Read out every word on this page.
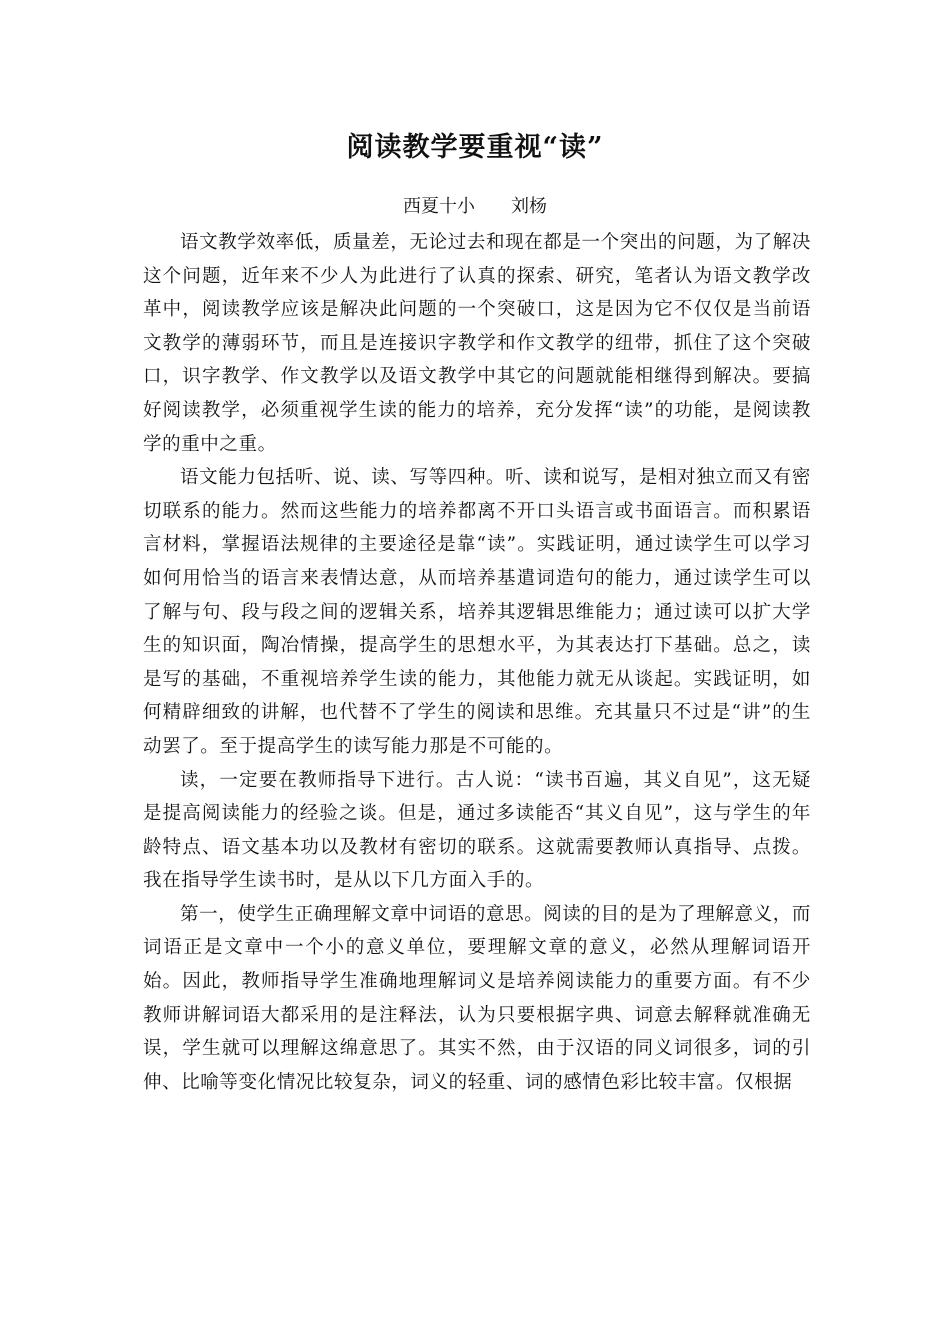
阅读教学要重视“读”
西夏十小 刘杨

语文教学效率低，质量差，无论过去和现在都是一个突出的问题，为了解决这个问题，近年来不少人为此进行了认真的探索、研究，笔者认为语文教学改革中，阅读教学应该是解决此问题的一个突破口，这是因为它不仅仅是当前语文教学的薄弱环节，而且是连接识字教学和作文教学的纽带，抓住了这个突破口，识字教学、作文教学以及语文教学中其它的问题就能相继得到解决。要搞好阅读教学，必须重视学生读的能力的培养，充分发挥“读”的功能，是阅读教学的重中之重。

语文能力包括听、说、读、写等四种。听、读和说写，是相对独立而又有密切联系的能力。然而这些能力的培养都离不开口头语言或书面语言。而积累语言材料，掌握语法规律的主要途径是靠“读”。实践证明，通过读学生可以学习如何用恰当的语言来表情达意，从而培养基遣词造句的能力，通过读学生可以了解与句、段与段之间的逻辑关系，培养其逻辑思维能力；通过读可以扩大学生的知识面，陶冶情操，提高学生的思想水平，为其表达打下基础。总之，读是写的基础，不重视培养学生读的能力，其他能力就无从谈起。实践证明，如何精辟细致的讲解，也代替不了学生的阅读和思维。充其量只不过是“讲”的生动罢了。至于提高学生的读写能力那是不可能的。

读，一定要在教师指导下进行。古人说：“读书百遍，其义自见”，这无疑是提高阅读能力的经验之谈。但是，通过多读能否“其义自见”，这与学生的年龄特点、语文基本功以及教材有密切的联系。这就需要教师认真指导、点拨。我在指导学生读书时，是从以下几方面入手的。

第一，使学生正确理解文章中词语的意思。阅读的目的是为了理解意义，而词语正是文章中一个小的意义单位，要理解文章的意义，必然从理解词语开始。因此，教师指导学生准确地理解词义是培养阅读能力的重要方面。有不少教师讲解词语大都采用的是注释法，认为只要根据字典、词意去解释就准确无误，学生就可以理解这绵意思了。其实不然，由于汉语的同义词很多，词的引伸、比喻等变化情况比较复杂，词义的轻重、词的感情色彩比较丰富。仅根据
